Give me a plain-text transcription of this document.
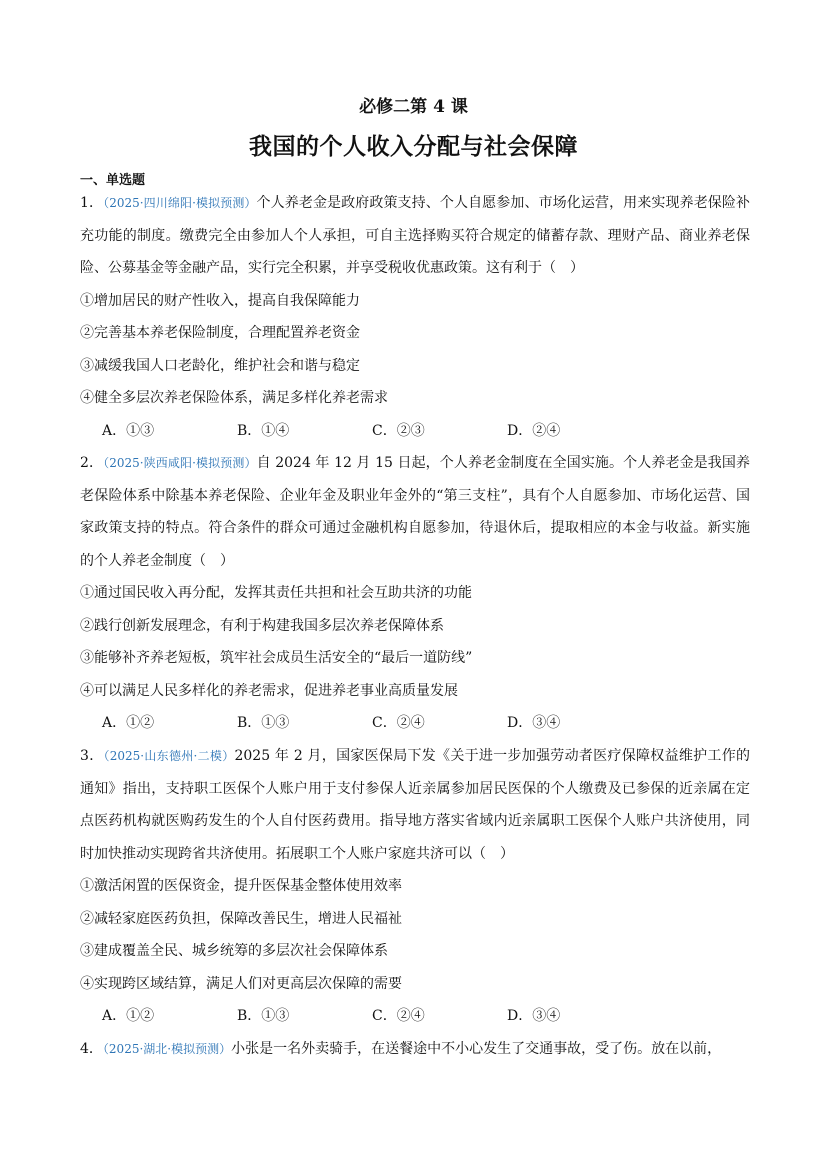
必修二第 4 课
我国的个人收入分配与社会保障
一、单选题

1．（2025·四川绵阳·模拟预测）个人养老金是政府政策支持、个人自愿参加、市场化运营，用来实现养老保险补充功能的制度。缴费完全由参加人个人承担，可自主选择购买符合规定的储蓄存款、理财产品、商业养老保险、公募基金等金融产品，实行完全积累，并享受税收优惠政策。这有利于（　）

①增加居民的财产性收入，提高自我保障能力

②完善基本养老保险制度，合理配置养老资金

③减缓我国人口老龄化，维护社会和谐与稳定

④健全多层次养老保险体系，满足多样化养老需求

A．①③	B．①④	C．②③	D．②④

2．（2025·陕西咸阳·模拟预测）自 2024 年 12 月 15 日起，个人养老金制度在全国实施。个人养老金是我国养老保险体系中除基本养老保险、企业年金及职业年金外的“第三支柱”，具有个人自愿参加、市场化运营、国家政策支持的特点。符合条件的群众可通过金融机构自愿参加，待退休后，提取相应的本金与收益。新实施的个人养老金制度（　）

①通过国民收入再分配，发挥其责任共担和社会互助共济的功能

②践行创新发展理念，有利于构建我国多层次养老保障体系

③能够补齐养老短板，筑牢社会成员生活安全的“最后一道防线”

④可以满足人民多样化的养老需求，促进养老事业高质量发展

A．①②	B．①③	C．②④	D．③④

3．（2025·山东德州·二模）2025 年 2 月，国家医保局下发《关于进一步加强劳动者医疗保障权益维护工作的通知》指出，支持职工医保个人账户用于支付参保人近亲属参加居民医保的个人缴费及已参保的近亲属在定点医药机构就医购药发生的个人自付医药费用。指导地方落实省域内近亲属职工医保个人账户共济使用，同时加快推动实现跨省共济使用。拓展职工个人账户家庭共济可以（　）

①激活闲置的医保资金，提升医保基金整体使用效率

②减轻家庭医药负担，保障改善民生，增进人民福祉

③建成覆盖全民、城乡统筹的多层次社会保障体系

④实现跨区域结算，满足人们对更高层次保障的需要

A．①②	B．①③	C．②④	D．③④

4．（2025·湖北·模拟预测）小张是一名外卖骑手，在送餐途中不小心发生了交通事故，受了伤。放在以前，
